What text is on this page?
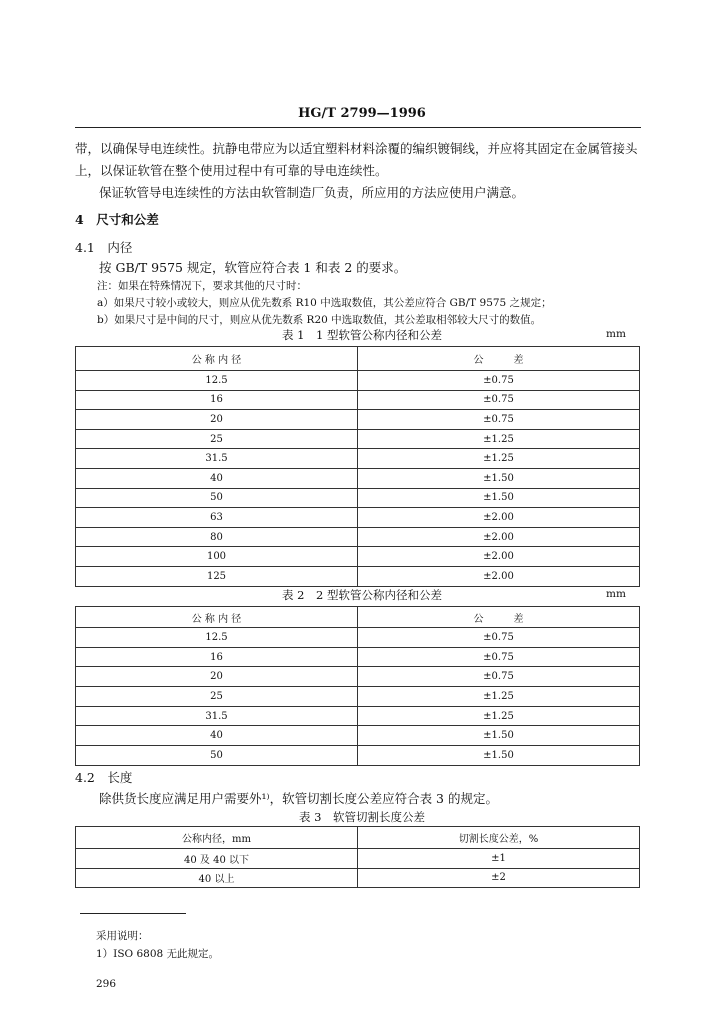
HG/T 2799—1996
带，以确保导电连续性。抗静电带应为以适宜塑料材料涂覆的编织镀铜线，并应将其固定在金属管接头
上，以保证软管在整个使用过程中有可靠的导电连续性。
保证软管导电连续性的方法由软管制造厂负责，所应用的方法应使用户满意。
4　尺寸和公差
4.1　内径
按 GB/T 9575 规定，软管应符合表 1 和表 2 的要求。
注：如果在特殊情况下，要求其他的尺寸时：
a）如果尺寸较小或较大，则应从优先数系 R10 中选取数值，其公差应符合 GB/T 9575 之规定；
b）如果尺寸是中间的尺寸，则应从优先数系 R20 中选取数值，其公差取相邻较大尺寸的数值。
表 1　1 型软管公称内径和公差	mm
公 称 内 径	公　　　差
12.5	±0.75
16	±0.75
20	±0.75
25	±1.25
31.5	±1.25
40	±1.50
50	±1.50
63	±2.00
80	±2.00
100	±2.00
125	±2.00
表 2　2 型软管公称内径和公差	mm
公 称 内 径	公　　　差
12.5	±0.75
16	±0.75
20	±0.75
25	±1.25
31.5	±1.25
40	±1.50
50	±1.50
4.2　长度
除供货长度应满足用户需要外¹⁾，软管切割长度公差应符合表 3 的规定。
表 3　软管切割长度公差
公称内径，mm	切割长度公差，%
40 及 40 以下	±1
40 以上	±2
采用说明：
1）ISO 6808 无此规定。
296
